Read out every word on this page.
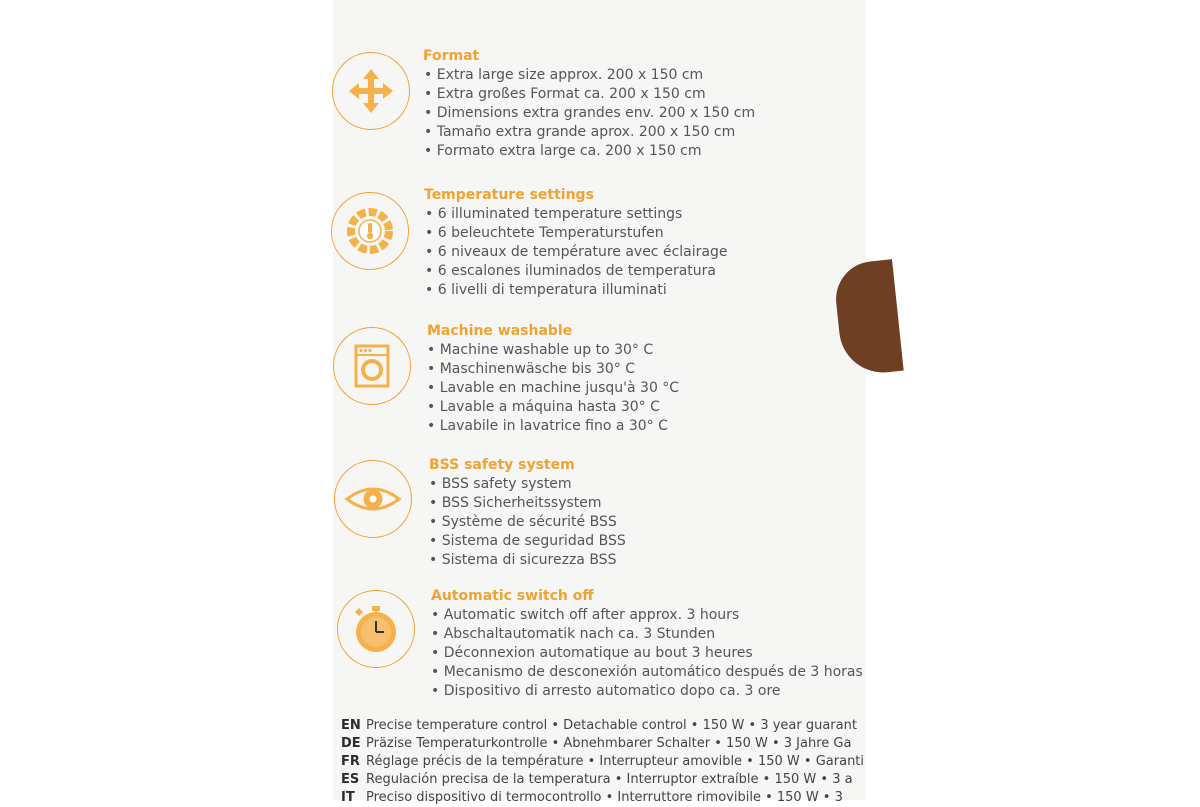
Format
• Extra large size approx. 200 x 150 cm
• Extra großes Format ca. 200 x 150 cm
• Dimensions extra grandes env. 200 x 150 cm
• Tamaño extra grande aprox. 200 x 150 cm
• Formato extra large ca. 200 x 150 cm
Temperature settings
• 6 illuminated temperature settings
• 6 beleuchtete Temperaturstufen
• 6 niveaux de température avec éclairage
• 6 escalones iluminados de temperatura
• 6 livelli di temperatura illuminati
Machine washable
• Machine washable up to 30° C
• Maschinenwäsche bis 30° C
• Lavable en machine jusqu'à 30 °C
• Lavable a máquina hasta 30° C
• Lavabile in lavatrice fino a 30° C
BSS safety system
• BSS safety system
• BSS Sicherheitssystem
• Système de sécurité BSS
• Sistema de seguridad BSS
• Sistema di sicurezza BSS
Automatic switch off
• Automatic switch off after approx. 3 hours
• Abschaltautomatik nach ca. 3 Stunden
• Déconnexion automatique au bout 3 heures
• Mecanismo de desconexión automático después de 3 horas
• Dispositivo di arresto automatico dopo ca. 3 ore
EN Precise temperature control • Detachable control • 150 W • 3 year guarant
DE Präzise Temperaturkontrolle • Abnehmbarer Schalter • 150 W • 3 Jahre Ga
FR Réglage précis de la température • Interrupteur amovible • 150 W • Garanti
ES Regulación precisa de la temperatura • Interruptor extraíble • 150 W • 3 a
IT Preciso dispositivo di termocontrollo • Interruttore rimovibile • 150 W • 3
